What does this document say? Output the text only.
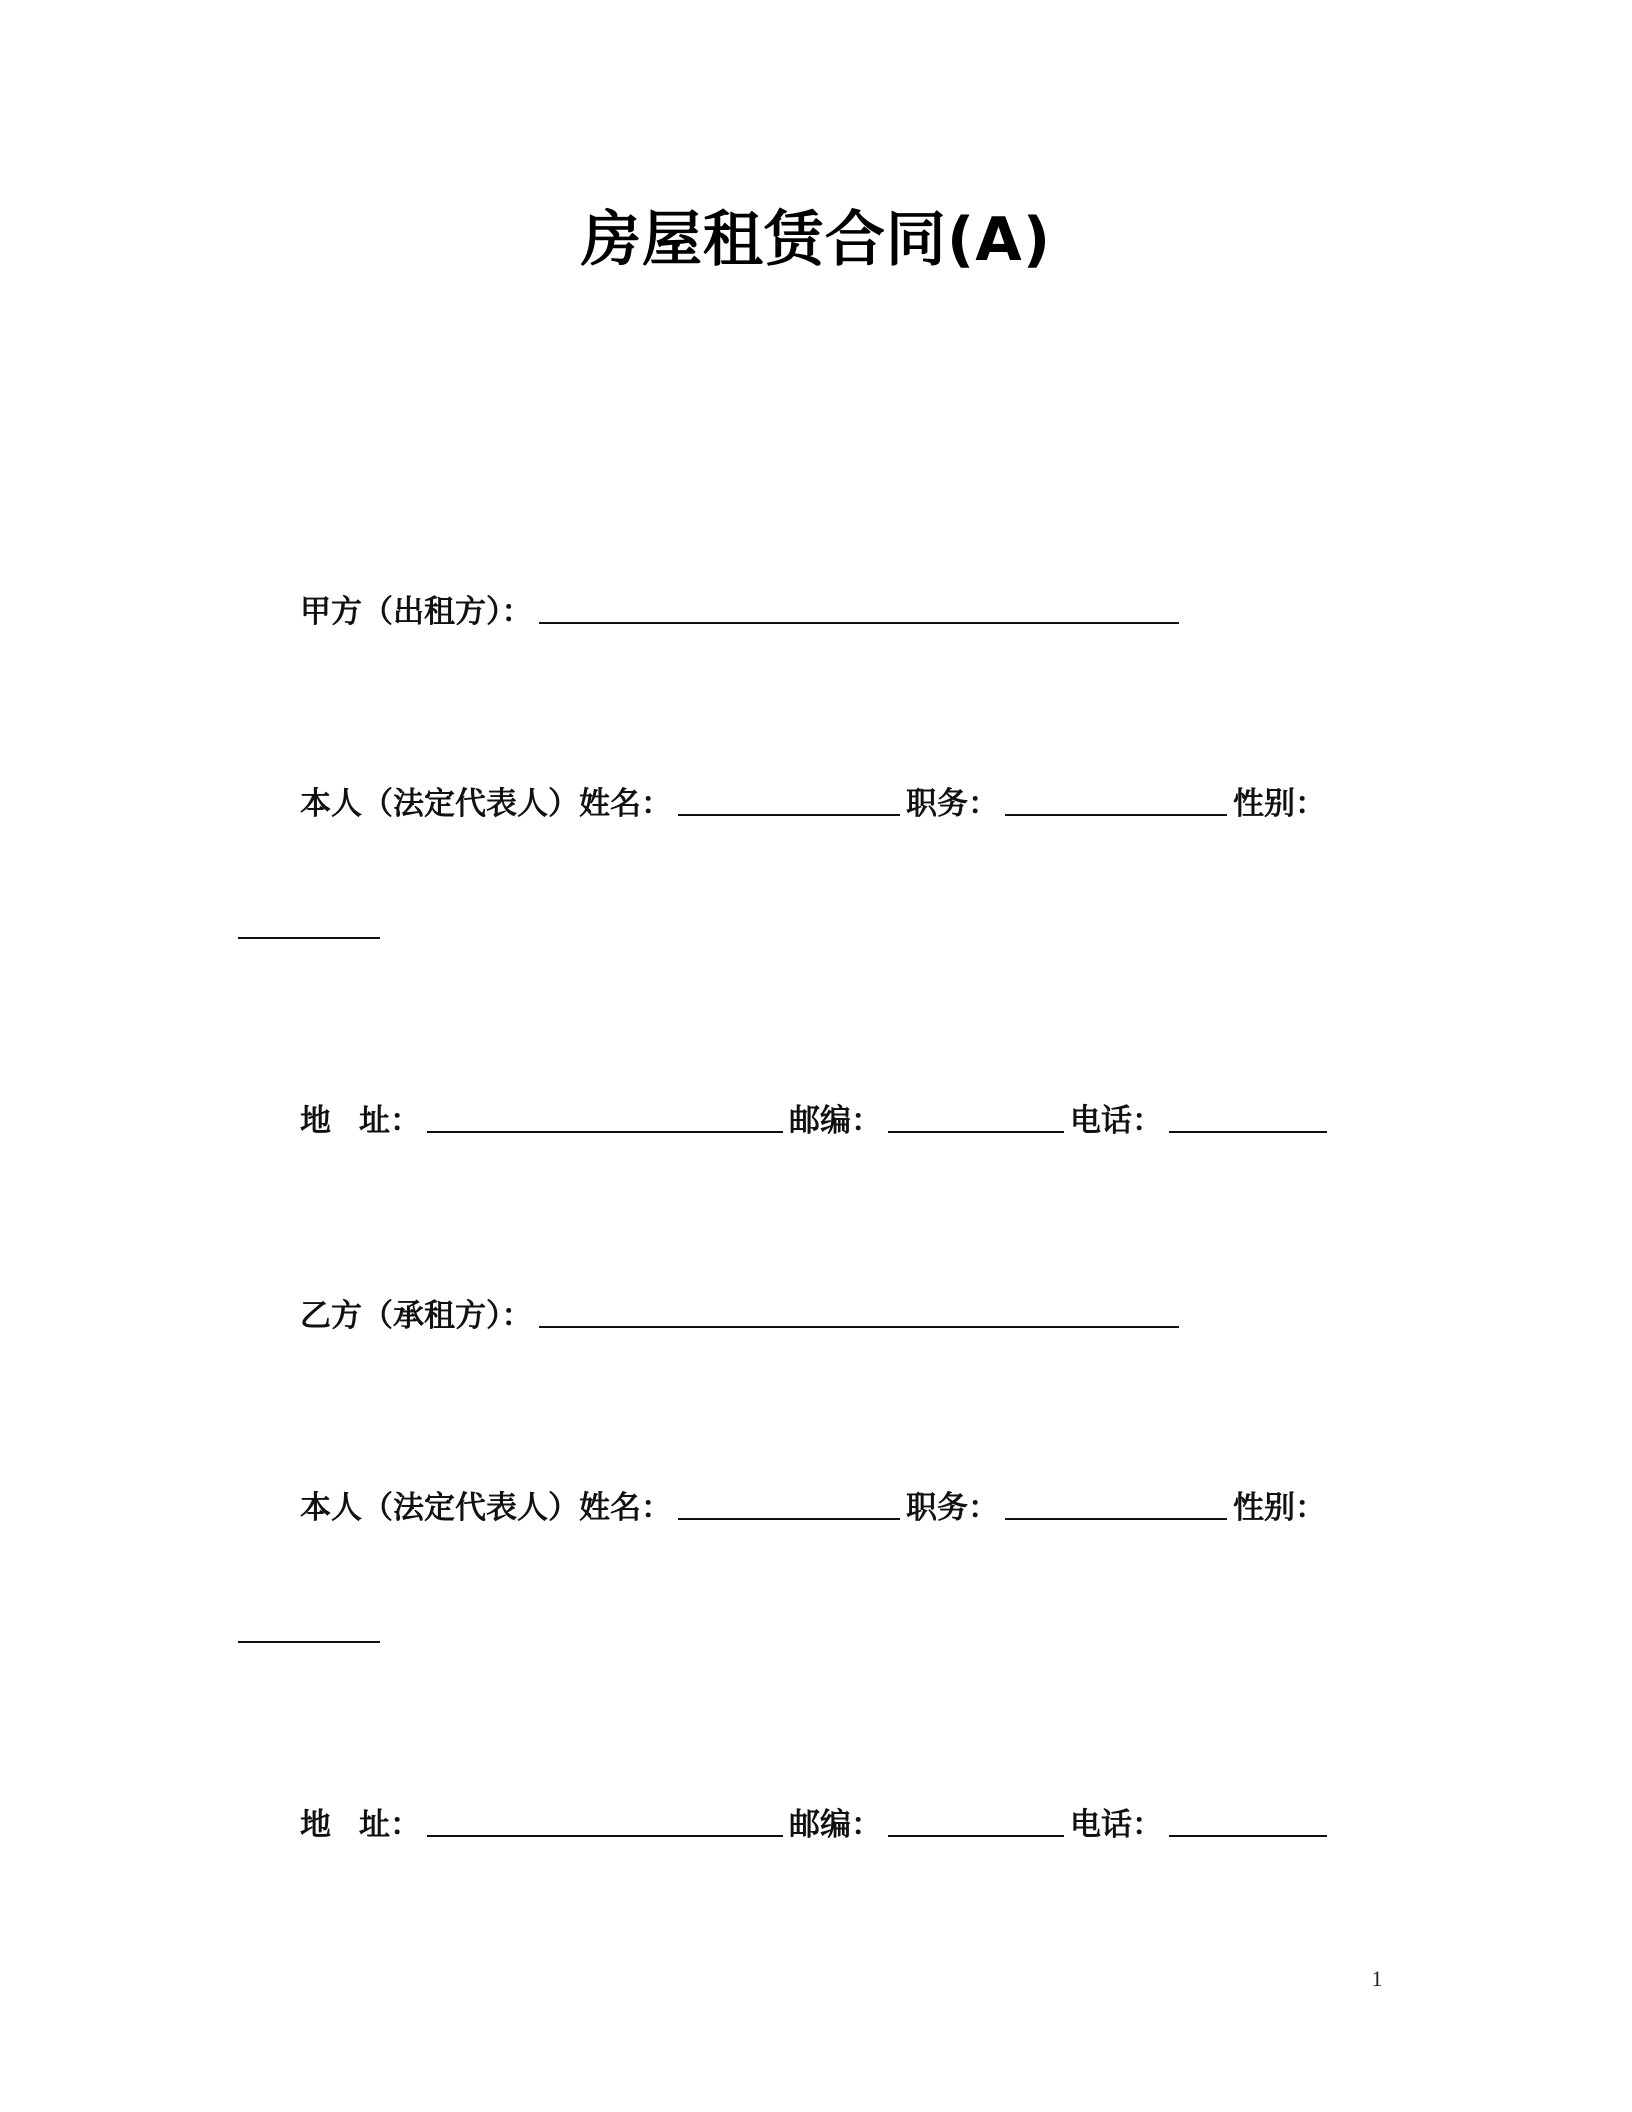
房屋租赁合同(A)
甲方（出租方）：
本人（法定代表人）姓名：	职务：	性别：
地 址：	邮编：	电话：
乙方（承租方）：
本人（法定代表人）姓名：	职务：	性别：
地 址：	邮编：	电话：
1
